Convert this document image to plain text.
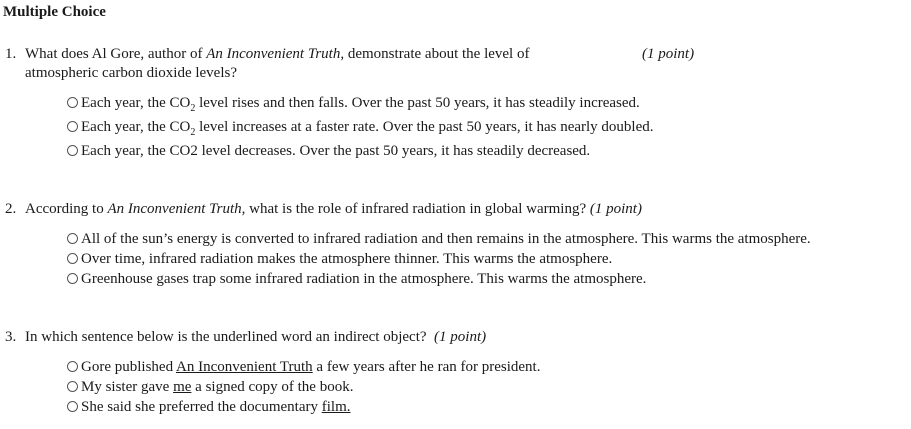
Multiple Choice
1. What does Al Gore, author of An Inconvenient Truth, demonstrate about the level of
atmospheric carbon dioxide levels?
(1 point)
Each year, the $CO_2$ level rises and then falls. Over the past 50 years, it has steadily increased.
Each year, the $CO_2$ level increases at a faster rate. Over the past 50 years, it has nearly doubled.
Each year, the CO2 level decreases. Over the past 50 years, it has steadily decreased.
2. According to An Inconvenient Truth, what is the role of infrared radiation in global warming? (1 point)
All of the sun’s energy is converted to infrared radiation and then remains in the atmosphere. This warms the atmosphere.
Over time, infrared radiation makes the atmosphere thinner. This warms the atmosphere.
Greenhouse gases trap some infrared radiation in the atmosphere. This warms the atmosphere.
3. In which sentence below is the underlined word an indirect object? (1 point)
Gore published An Inconvenient Truth a few years after he ran for president.
My sister gave me a signed copy of the book.
She said she preferred the documentary film.
